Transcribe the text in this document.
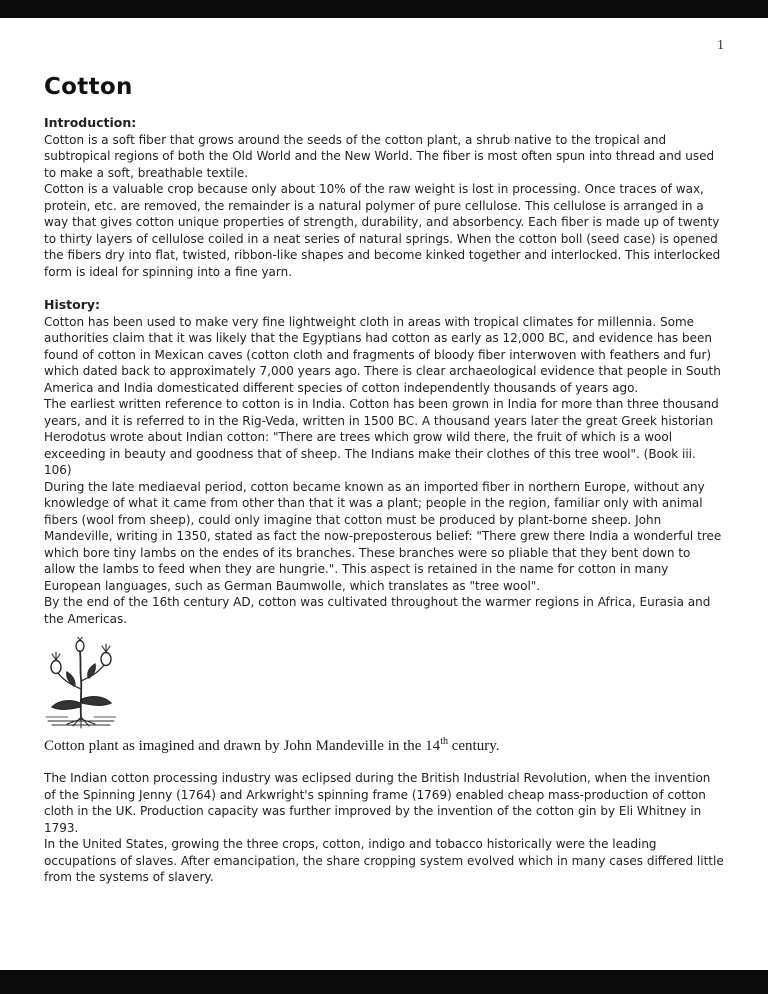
1
Cotton
Introduction:

Cotton is a soft fiber that grows around the seeds of the cotton plant, a shrub native to the tropical and subtropical regions of both the Old World and the New World. The fiber is most often spun into thread and used to make a soft, breathable textile.

Cotton is a valuable crop because only about 10% of the raw weight is lost in processing. Once traces of wax, protein, etc. are removed, the remainder is a natural polymer of pure cellulose. This cellulose is arranged in a way that gives cotton unique properties of strength, durability, and absorbency. Each fiber is made up of twenty to thirty layers of cellulose coiled in a neat series of natural springs. When the cotton boll (seed case) is opened the fibers dry into flat, twisted, ribbon-like shapes and become kinked together and interlocked. This interlocked form is ideal for spinning into a fine yarn.

History:

Cotton has been used to make very fine lightweight cloth in areas with tropical climates for millennia. Some authorities claim that it was likely that the Egyptians had cotton as early as 12,000 BC, and evidence has been found of cotton in Mexican caves (cotton cloth and fragments of bloody fiber interwoven with feathers and fur) which dated back to approximately 7,000 years ago. There is clear archaeological evidence that people in South America and India domesticated different species of cotton independently thousands of years ago.

The earliest written reference to cotton is in India. Cotton has been grown in India for more than three thousand years, and it is referred to in the Rig-Veda, written in 1500 BC. A thousand years later the great Greek historian Herodotus wrote about Indian cotton: "There are trees which grow wild there, the fruit of which is a wool exceeding in beauty and goodness that of sheep. The Indians make their clothes of this tree wool". (Book iii. 106)

During the late mediaeval period, cotton became known as an imported fiber in northern Europe, without any knowledge of what it came from other than that it was a plant; people in the region, familiar only with animal fibers (wool from sheep), could only imagine that cotton must be produced by plant-borne sheep. John Mandeville, writing in 1350, stated as fact the now-preposterous belief: "There grew there India a wonderful tree which bore tiny lambs on the endes of its branches. These branches were so pliable that they bent down to allow the lambs to feed when they are hungrie.". This aspect is retained in the name for cotton in many European languages, such as German Baumwolle, which translates as "tree wool".

By the end of the 16th century AD, cotton was cultivated throughout the warmer regions in Africa, Eurasia and the Americas.

Cotton plant as imagined and drawn by John Mandeville in the 14th century.

The Indian cotton processing industry was eclipsed during the British Industrial Revolution, when the invention of the Spinning Jenny (1764) and Arkwright's spinning frame (1769) enabled cheap mass-production of cotton cloth in the UK. Production capacity was further improved by the invention of the cotton gin by Eli Whitney in 1793.

In the United States, growing the three crops, cotton, indigo and tobacco historically were the leading occupations of slaves. After emancipation, the share cropping system evolved which in many cases differed little from the systems of slavery.
